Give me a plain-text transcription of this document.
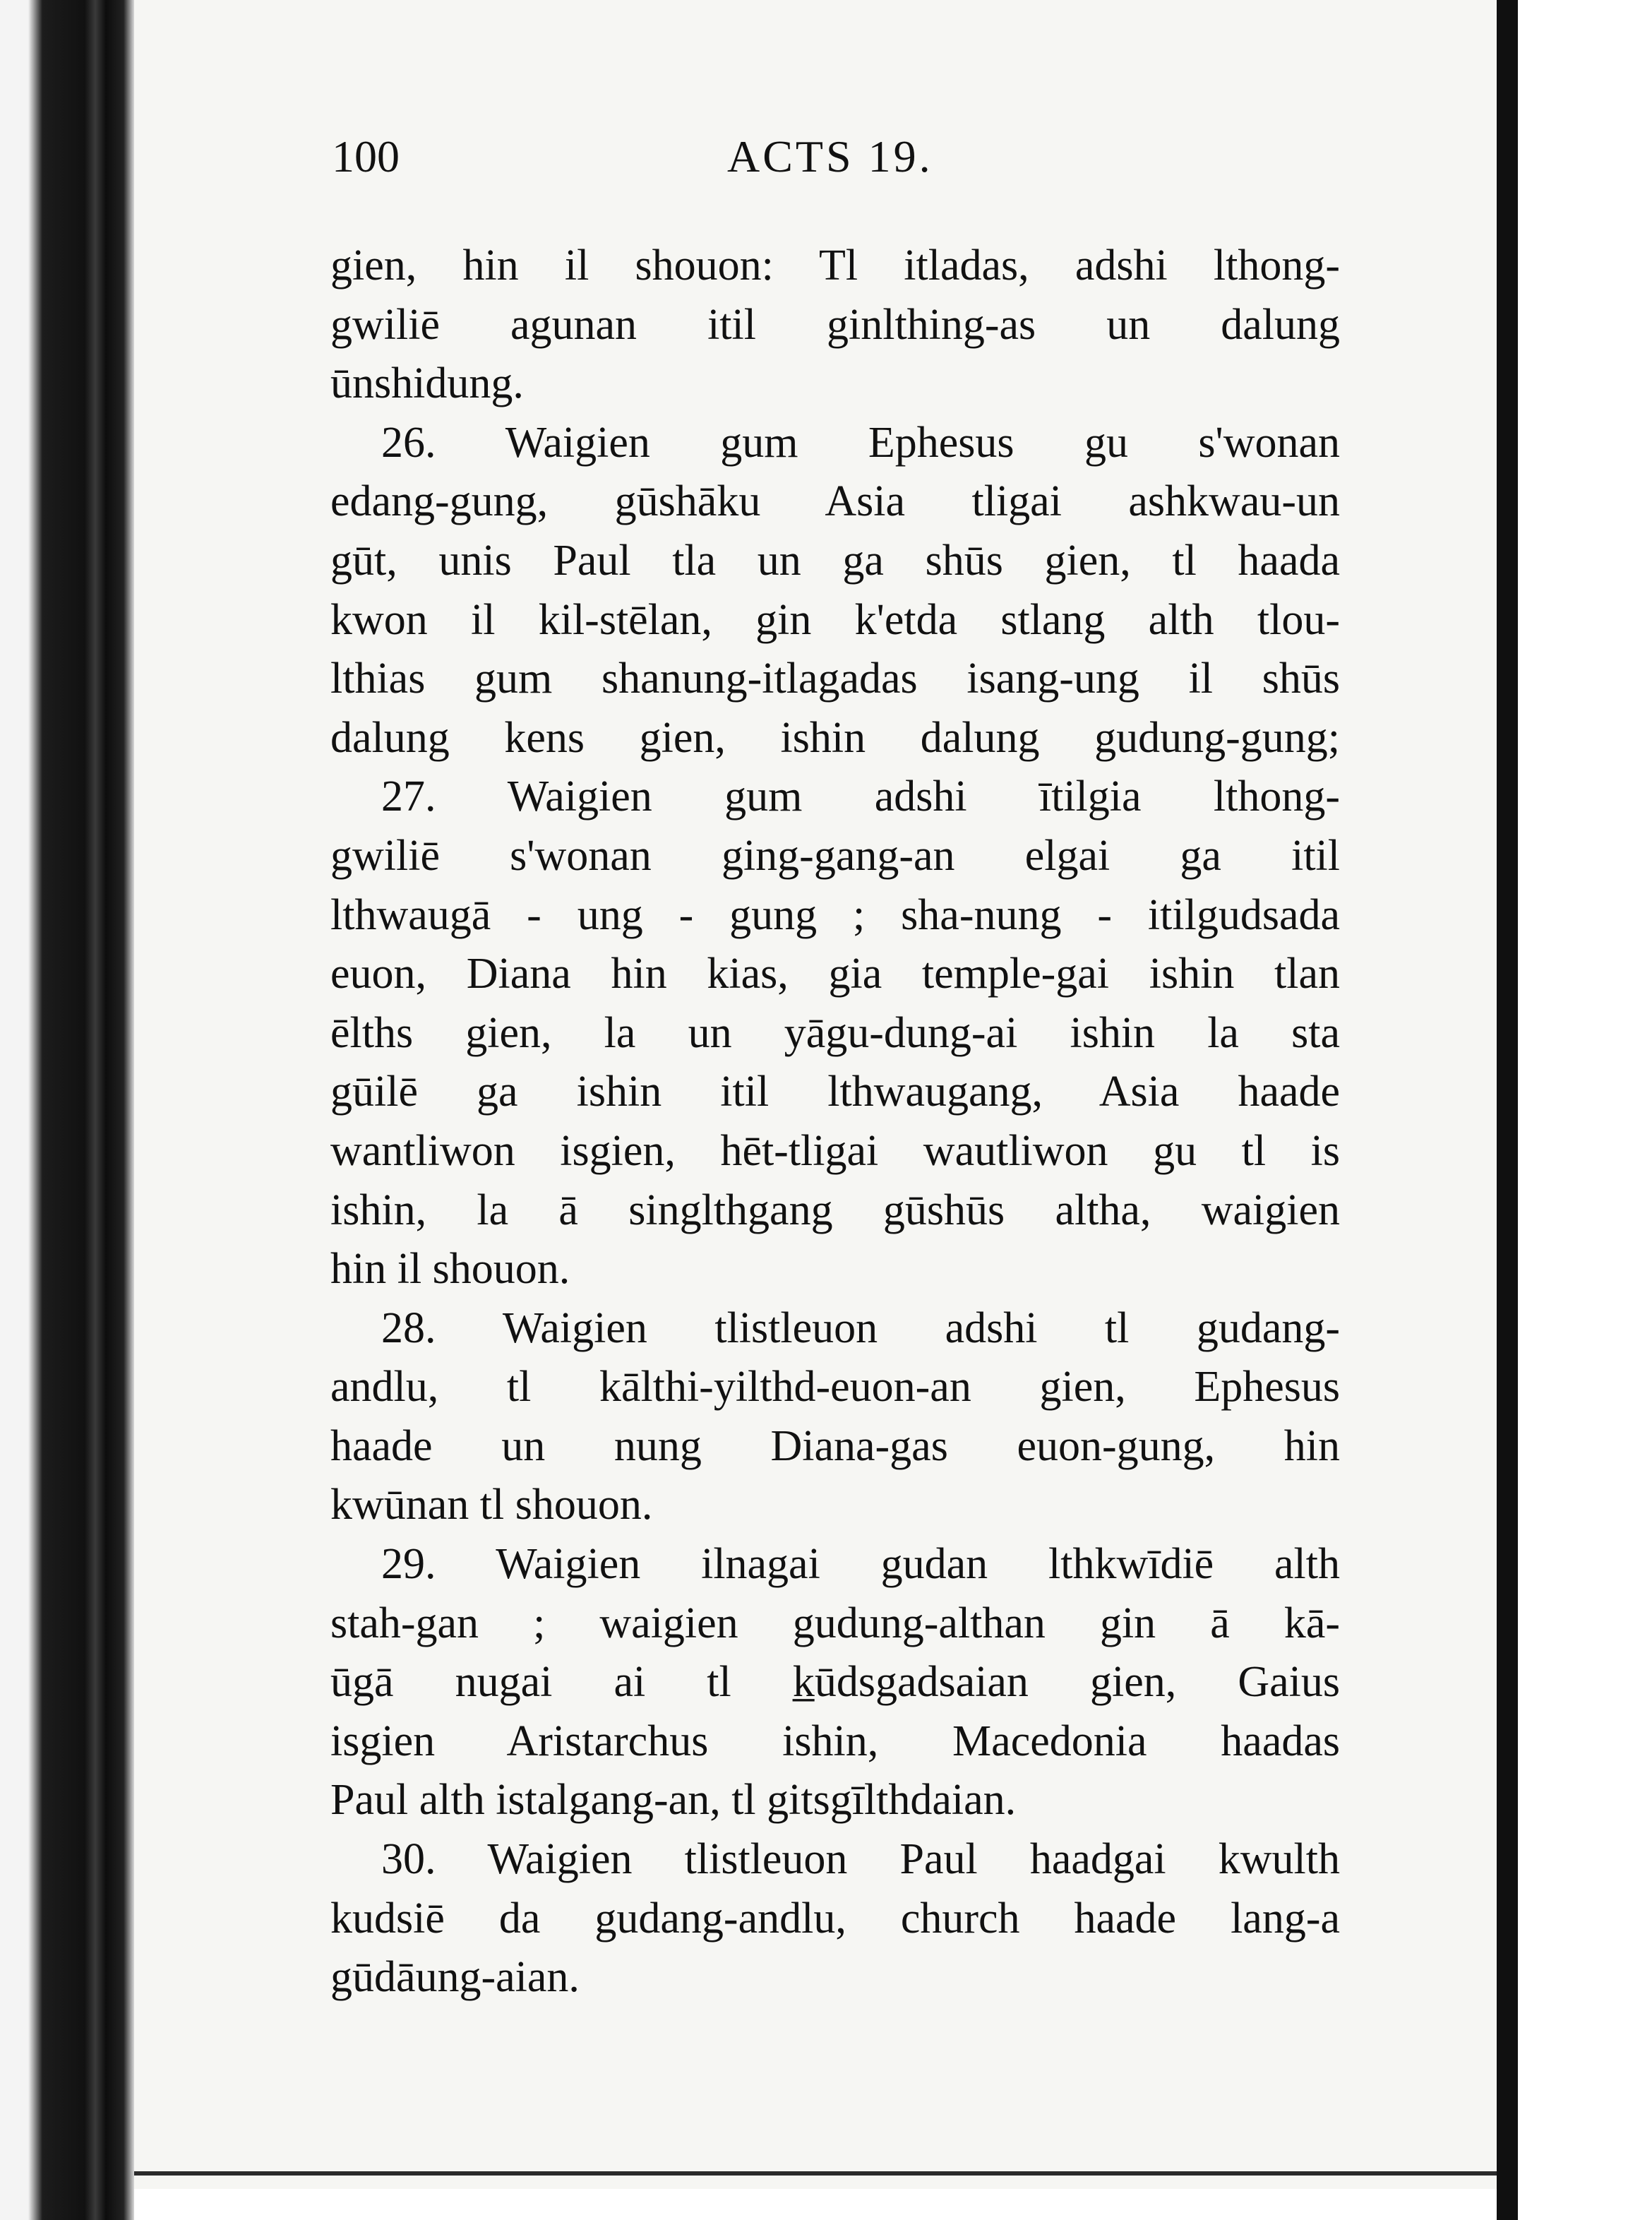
100	ACTS 19.
gien, hin il shouon: Tl itladas, adshi lthong-
gwiliē agunan itil ginlthing-as un dalung
ūnshidung.
26. Waigien gum Ephesus gu s'wonan
edang-gung, gūshāku Asia tligai ashkwau-un
gūt, unis Paul tla un ga shūs gien, tl haada
kwon il kil-stēlan, gin k'etda stlang alth tlou-
lthias gum shanung-itlagadas isang-ung il shūs
dalung kens gien, ishin dalung gudung-gung;
27. Waigien gum adshi ītilgia lthong-
gwiliē s'wonan ging-gang-an elgai ga itil
lthwaugā - ung - gung ; sha-nung - itilgudsada
euon, Diana hin kias, gia temple-gai ishin tlan
ēlths gien, la un yāgu-dung-ai ishin la sta
gūilē ga ishin itil lthwaugang, Asia haade
wantliwon isgien, hēt-tligai wautliwon gu tl is
ishin, la ā singlthgang gūshūs altha, waigien
hin il shouon.
28. Waigien tlistleuon adshi tl gudang-
andlu, tl kālthi-yilthd-euon-an gien, Ephesus
haade un nung Diana-gas euon-gung, hin
kwūnan tl shouon.
29. Waigien ilnagai gudan lthkwīdiē alth
stah-gan ; waigien gudung-althan gin ā kā-
ūgā nugai ai tl k̲ūdsgadsaian gien, Gaius
isgien Aristarchus ishin, Macedonia haadas
Paul alth istalgang-an, tl gitsgīlthdaian.
30. Waigien tlistleuon Paul haadgai kwulth
kudsiē da gudang-andlu, church haade lang-a
gūdāung-aian.
